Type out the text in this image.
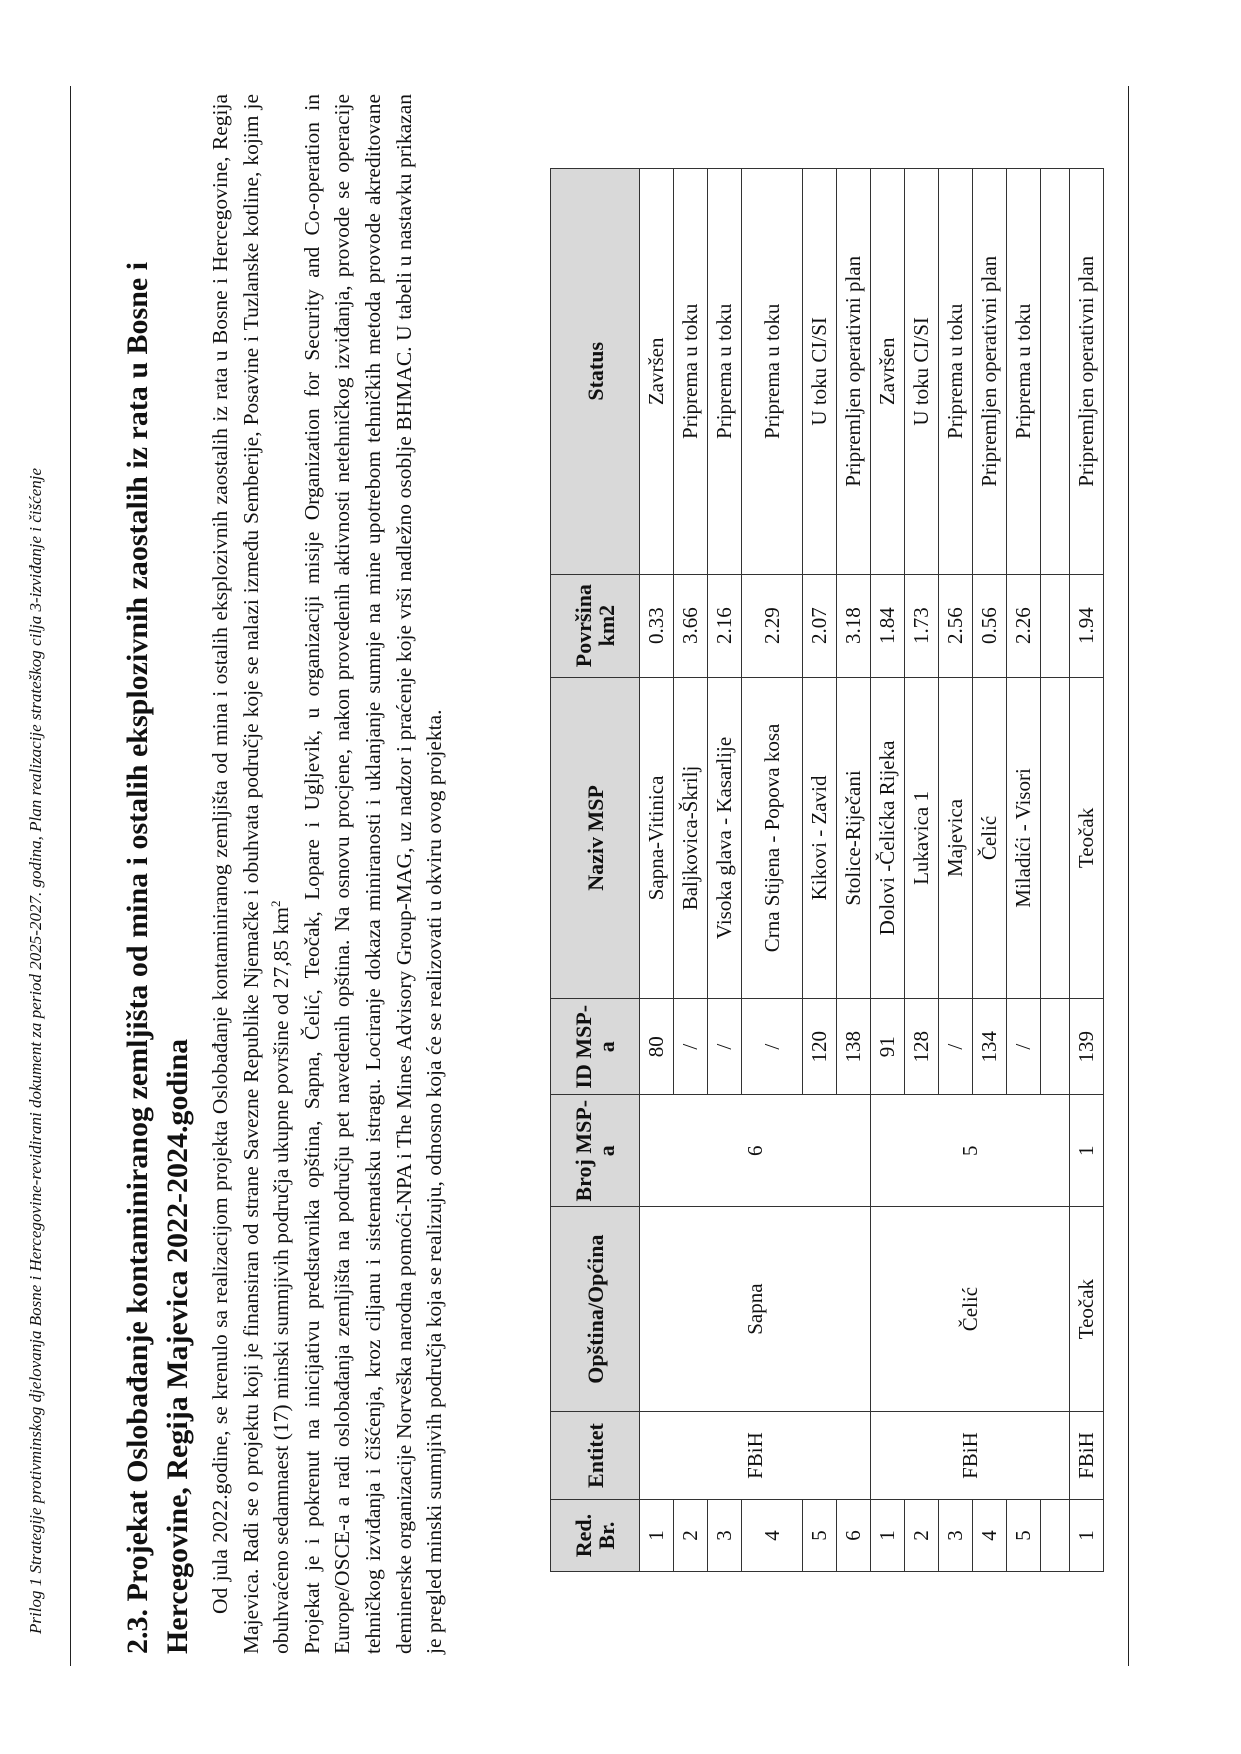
Prilog 1 Strategije protivminskog djelovanja Bosne i Hercegovine-revidirani dokument za period 2025-2027. godina, Plan realizacije strateškog cilja 3-izviđanje i čišćenje	2.3. Projekat Oslobađanje kontaminiranog zemljišta od mina i ostalih eksplozivnih zaostalih iz rata u Bosne i Hercegovine, Regija Majevica 2022-2024.godina Od jula 2022.godine, se krenulo sa realizacijom projekta Oslobađanje kontaminiranog zemljišta od mina i ostalih eksplozivnih zaostalih iz rata u Bosne i Hercegovine, Regija Majevica. Radi se o projektu koji je finansiran od strane Savezne Republike Njemačke i obuhvata područje koje se nalazi između Semberije, Posavine i Tuzlanske kotline, kojim je obuhvaćeno sedamnaest (17) minski sumnjivih područja ukupne površine od 27,85 $km^2$ Projekat je i pokrenut na inicijativu predstavnika opština, Sapna, Čelić, Teočak, Lopare i Ugljevik, u organizaciji misije Organization for Security and Co-operation in Europe/OSCE-a a radi oslobađanja zemljišta na području pet navedenih opština. Na osnovu procjene, nakon provedenih aktivnosti netehničkog izviđanja, provode se operacije tehničkog izviđanja i čišćenja, kroz ciljanu i sistematsku istragu. Lociranje dokaza miniranosti i uklanjanje sumnje na mine upotrebom tehničkih metoda provode akreditovane deminerske organizacije Norveška narodna pomoći-NPA i The Mines Advisory Group-MAG, uz nadzor i praćenje koje vrši nadležno osoblje BHMAC. U tabeli u nastavku prikazan je pregled minski sumnjivih područja koja se realizuju, odnosno koja će se realizovati u okviru ovog projekta.	Red. Br.	Entitet	Opština/Općina	Broj MSP-a	ID MSP-a	Naziv MSP	Površina km2	Status
1	FBiH	Sapna	6	80	Sapna-Vitinica	0.33	Završen
2				/	Baljkovica-Škrilj	3.66	Priprema u toku
3				/	Visoka glava - Kasarlije	2.16	Priprema u toku
4				/	Crna Stijena - Popova kosa	2.29	Priprema u toku
5				120	Kikovi - Zavid	2.07	U toku CI/SI
6				138	Stolice-Riječani	3.18	Pripremljen operativni plan
1	FBiH	Čelić	5	91	Dolovi -Čelićka Rijeka	1.84	Završen
2				128	Lukavica 1	1.73	U toku CI/SI
3				/	Majevica	2.56	Priprema u toku
4				134	Čelić	0.56	Pripremljen operativni plan
5				/	Miladići - Visori	2.26	Priprema u toku

1	FBiH	Teočak	1	139	Teočak	1.94	Pripremljen operativni plan
